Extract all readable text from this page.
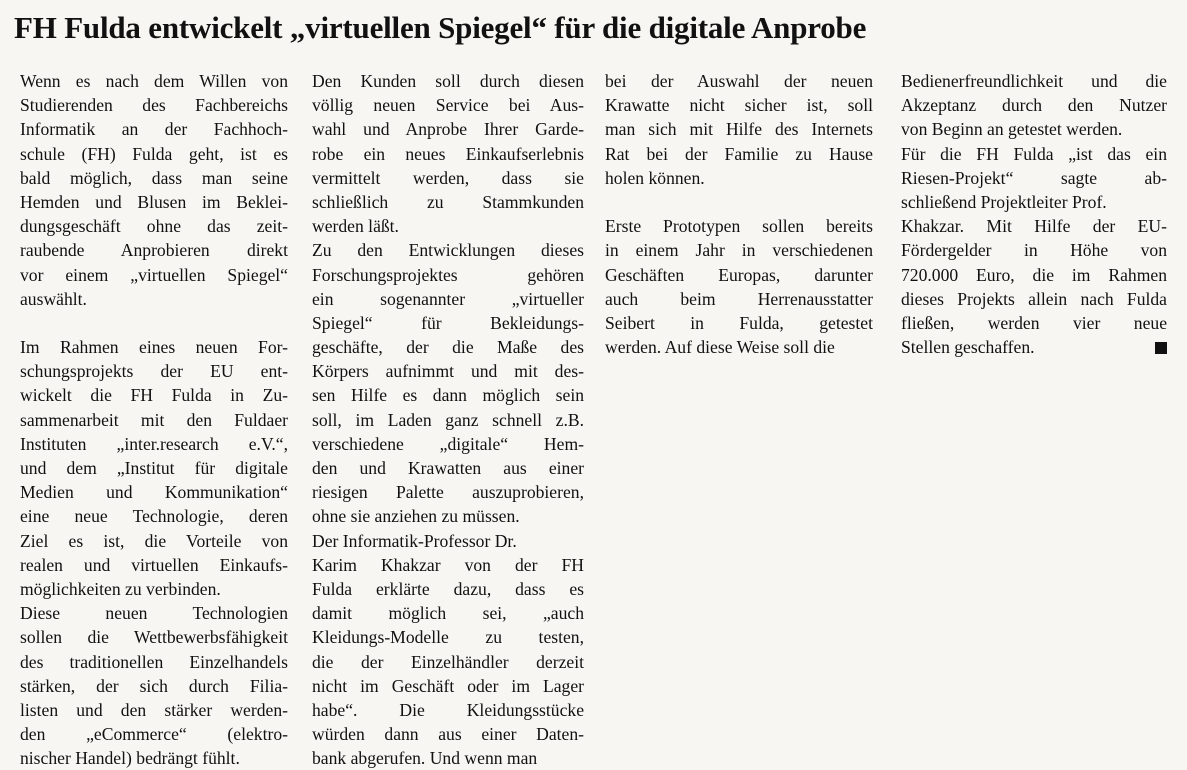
FH Fulda entwickelt „virtuellen Spiegel“ für die digitale Anprobe
Wenn es nach dem Willen von
Studierenden des Fachbereichs
Informatik an der Fachhoch-
schule (FH) Fulda geht, ist es
bald möglich, dass man seine
Hemden und Blusen im Beklei-
dungsgeschäft ohne das zeit-
raubende Anprobieren direkt
vor einem „virtuellen Spiegel“
auswählt.
Im Rahmen eines neuen For-
schungsprojekts der EU ent-
wickelt die FH Fulda in Zu-
sammenarbeit mit den Fuldaer
Instituten „inter.research e.V.“,
und dem „Institut für digitale
Medien und Kommunikation“
eine neue Technologie, deren
Ziel es ist, die Vorteile von
realen und virtuellen Einkaufs-
möglichkeiten zu verbinden.
Diese neuen Technologien
sollen die Wettbewerbsfähigkeit
des traditionellen Einzelhandels
stärken, der sich durch Filia-
listen und den stärker werden-
den „eCommerce“ (elektro-
nischer Handel) bedrängt fühlt.
Den Kunden soll durch diesen
völlig neuen Service bei Aus-
wahl und Anprobe Ihrer Garde-
robe ein neues Einkaufserlebnis
vermittelt werden, dass sie
schließlich zu Stammkunden
werden läßt.
Zu den Entwicklungen dieses
Forschungsprojektes gehören
ein sogenannter „virtueller
Spiegel“ für Bekleidungs-
geschäfte, der die Maße des
Körpers aufnimmt und mit des-
sen Hilfe es dann möglich sein
soll, im Laden ganz schnell z.B.
verschiedene „digitale“ Hem-
den und Krawatten aus einer
riesigen Palette auszuprobieren,
ohne sie anziehen zu müssen.
Der Informatik-Professor Dr.
Karim Khakzar von der FH
Fulda erklärte dazu, dass es
damit möglich sei, „auch
Kleidungs-Modelle zu testen,
die der Einzelhändler derzeit
nicht im Geschäft oder im Lager
habe“. Die Kleidungsstücke
würden dann aus einer Daten-
bank abgerufen. Und wenn man
bei der Auswahl der neuen
Krawatte nicht sicher ist, soll
man sich mit Hilfe des Internets
Rat bei der Familie zu Hause
holen können.
Erste Prototypen sollen bereits
in einem Jahr in verschiedenen
Geschäften Europas, darunter
auch beim Herrenausstatter
Seibert in Fulda, getestet
werden. Auf diese Weise soll die
Bedienerfreundlichkeit und die
Akzeptanz durch den Nutzer
von Beginn an getestet werden.
Für die FH Fulda „ist das ein
Riesen-Projekt“ sagte ab-
schließend Projektleiter Prof.
Khakzar. Mit Hilfe der EU-
Fördergelder in Höhe von
720.000 Euro, die im Rahmen
dieses Projekts allein nach Fulda
fließen, werden vier neue
Stellen geschaffen.
